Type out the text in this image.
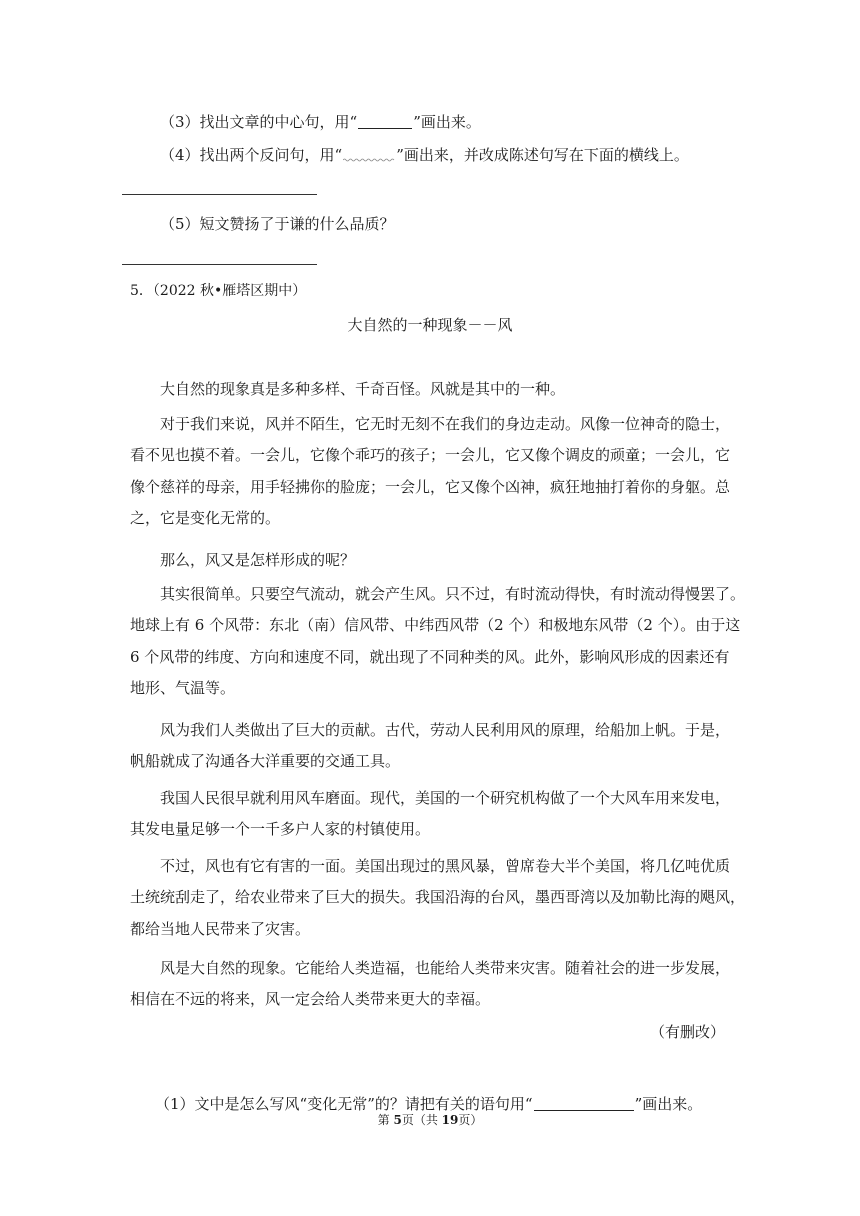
（3）找出文章的中心句，用“	”画出来。
（4）找出两个反问句，用“	”画出来，并改成陈述句写在下面的横线上。
（5）短文赞扬了于谦的什么品质？
5．（2022 秋•雁塔区期中）
大自然的一种现象－－风
　　大自然的现象真是多种多样、千奇百怪。风就是其中的一种。
　　对于我们来说，风并不陌生，它无时无刻不在我们的身边走动。风像一位神奇的隐士，
看不见也摸不着。一会儿，它像个乖巧的孩子；一会儿，它又像个调皮的顽童；一会儿，它
像个慈祥的母亲，用手轻拂你的脸庞；一会儿，它又像个凶神，疯狂地抽打着你的身躯。总
之，它是变化无常的。
　　那么，风又是怎样形成的呢？
　　其实很简单。只要空气流动，就会产生风。只不过，有时流动得快，有时流动得慢罢了。
地球上有 6 个风带：东北（南）信风带、中纬西风带（2 个）和极地东风带（2 个）。由于这
6 个风带的纬度、方向和速度不同，就出现了不同种类的风。此外，影响风形成的因素还有
地形、气温等。
　　风为我们人类做出了巨大的贡献。古代，劳动人民利用风的原理，给船加上帆。于是，
帆船就成了沟通各大洋重要的交通工具。
　　我国人民很早就利用风车磨面。现代，美国的一个研究机构做了一个大风车用来发电，
其发电量足够一个一千多户人家的村镇使用。
　　不过，风也有它有害的一面。美国出现过的黑风暴，曾席卷大半个美国，将几亿吨优质
土统统刮走了，给农业带来了巨大的损失。我国沿海的台风，墨西哥湾以及加勒比海的飓风，
都给当地人民带来了灾害。
　　风是大自然的现象。它能给人类造福，也能给人类带来灾害。随着社会的进一步发展，
相信在不远的将来，风一定会给人类带来更大的幸福。
（有删改）
（1）文中是怎么写风“变化无常”的？请把有关的语句用“	”画出来。
第 5页（共 19页）
